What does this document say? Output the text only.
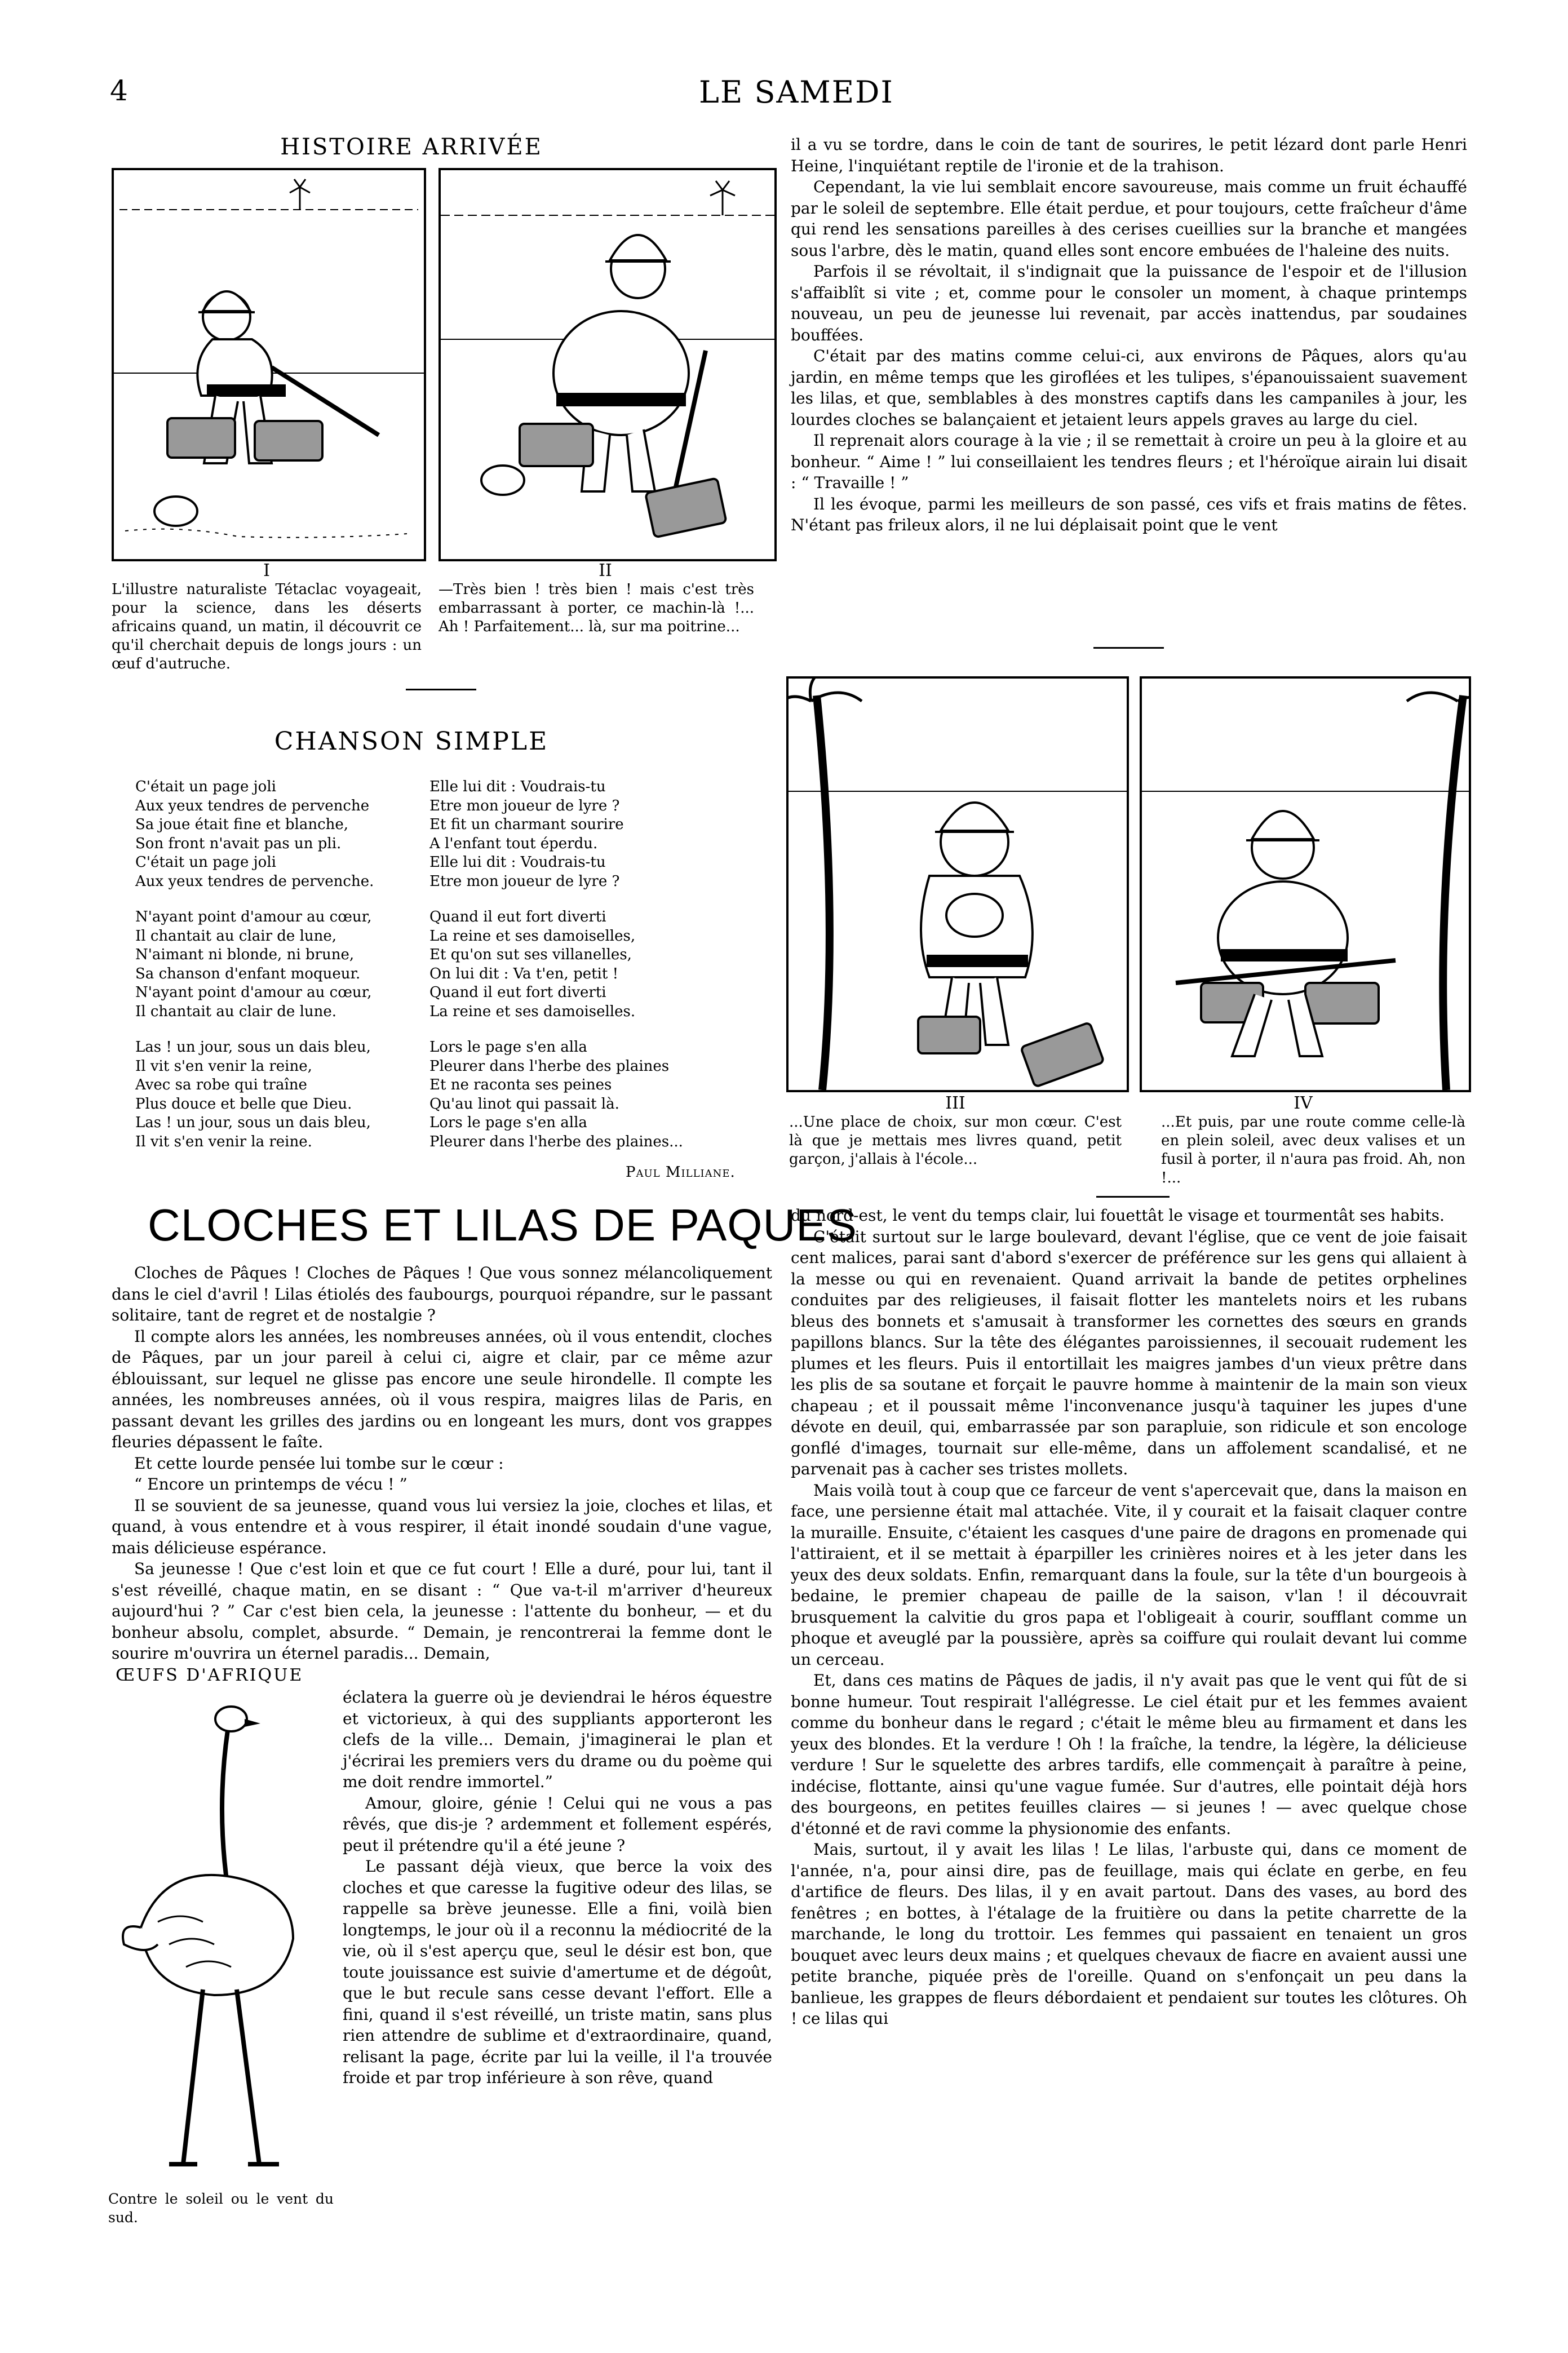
4	LE SAMEDI
HISTOIRE ARRIVÉE
I
L'illustre naturaliste Tétaclac voyageait, pour la science, dans les déserts africains quand, un matin, il découvrit ce qu'il cherchait depuis de longs jours : un œuf d'autruche.
II
—Très bien ! très bien ! mais c'est très embarrassant à porter, ce machin-là !... Ah ! Parfaitement... là, sur ma poitrine...

il a vu se tordre, dans le coin de tant de sourires, le petit lézard dont parle Henri Heine, l'inquiétant reptile de l'ironie et de la trahison.

Cependant, la vie lui semblait encore savoureuse, mais comme un fruit échauffé par le soleil de septembre. Elle était perdue, et pour toujours, cette fraîcheur d'âme qui rend les sensations pareilles à des cerises cueillies sur la branche et mangées sous l'arbre, dès le matin, quand elles sont encore embuées de l'haleine des nuits.

Parfois il se révoltait, il s'indignait que la puissance de l'espoir et de l'illusion s'affaiblît si vite ; et, comme pour le consoler un moment, à chaque printemps nouveau, un peu de jeunesse lui revenait, par accès inattendus, par soudaines bouffées.

C'était par des matins comme celui-ci, aux environs de Pâques, alors qu'au jardin, en même temps que les giroflées et les tulipes, s'épanouissaient suavement les lilas, et que, semblables à des monstres captifs dans les campaniles à jour, les lourdes cloches se balançaient et jetaient leurs appels graves au large du ciel.

Il reprenait alors courage à la vie ; il se remettait à croire un peu à la gloire et au bonheur. “ Aime ! ” lui conseillaient les tendres fleurs ; et l'héroïque airain lui disait : “ Travaille ! ”

Il les évoque, parmi les meilleurs de son passé, ces vifs et frais matins de fêtes. N'étant pas frileux alors, il ne lui déplaisait point que le vent

CHANSON SIMPLE
C'était un page joli
Aux yeux tendres de pervenche
Sa joue était fine et blanche,
Son front n'avait pas un pli.
C'était un page joli
Aux yeux tendres de pervenche.
N'ayant point d'amour au cœur,
Il chantait au clair de lune,
N'aimant ni blonde, ni brune,
Sa chanson d'enfant moqueur.
N'ayant point d'amour au cœur,
Il chantait au clair de lune.
Las ! un jour, sous un dais bleu,
Il vit s'en venir la reine,
Avec sa robe qui traîne
Plus douce et belle que Dieu.
Las ! un jour, sous un dais bleu,
Il vit s'en venir la reine.
Elle lui dit : Voudrais-tu
Etre mon joueur de lyre ?
Et fit un charmant sourire
A l'enfant tout éperdu.
Elle lui dit : Voudrais-tu
Etre mon joueur de lyre ?
Quand il eut fort diverti
La reine et ses damoiselles,
Et qu'on sut ses villanelles,
On lui dit : Va t'en, petit !
Quand il eut fort diverti
La reine et ses damoiselles.
Lors le page s'en alla
Pleurer dans l'herbe des plaines
Et ne raconta ses peines
Qu'au linot qui passait là.
Lors le page s'en alla
Pleurer dans l'herbe des plaines...
Paul Milliane.
III
...Une place de choix, sur mon cœur. C'est là que je mettais mes livres quand, petit garçon, j'allais à l'école...
IV
...Et puis, par une route comme celle-là en plein soleil, avec deux valises et un fusil à porter, il n'aura pas froid. Ah, non !...
CLOCHES ET LILAS DE PAQUES

Cloches de Pâques ! Cloches de Pâques ! Que vous sonnez mélancoliquement dans le ciel d'avril ! Lilas étiolés des faubourgs, pourquoi répandre, sur le passant solitaire, tant de regret et de nostalgie ?

Il compte alors les années, les nombreuses années, où il vous entendit, cloches de Pâques, par un jour pareil à celui ci, aigre et clair, par ce même azur éblouissant, sur lequel ne glisse pas encore une seule hirondelle. Il compte les années, les nombreuses années, où il vous respira, maigres lilas de Paris, en passant devant les grilles des jardins ou en longeant les murs, dont vos grappes fleuries dépassent le faîte.

Et cette lourde pensée lui tombe sur le cœur :

“ Encore un printemps de vécu ! ”

Il se souvient de sa jeunesse, quand vous lui versiez la joie, cloches et lilas, et quand, à vous entendre et à vous respirer, il était inondé soudain d'une vague, mais délicieuse espérance.

Sa jeunesse ! Que c'est loin et que ce fut court ! Elle a duré, pour lui, tant il s'est réveillé, chaque matin, en se disant : “ Que va-t-il m'arriver d'heureux aujourd'hui ? ” Car c'est bien cela, la jeunesse : l'attente du bonheur, — et du bonheur absolu, complet, absurde. “ Demain, je rencontrerai la femme dont le sourire m'ouvrira un éternel paradis... Demain,

ŒUFS D'AFRIQUE
Contre le soleil ou le vent du sud.

éclatera la guerre où je deviendrai le héros équestre et victorieux, à qui des suppliants apporteront les clefs de la ville... Demain, j'imaginerai le plan et j'écrirai les premiers vers du drame ou du poème qui me doit rendre immortel.”

Amour, gloire, génie ! Celui qui ne vous a pas rêvés, que dis-je ? ardemment et follement espérés, peut il prétendre qu'il a été jeune ?

Le passant déjà vieux, que berce la voix des cloches et que caresse la fugitive odeur des lilas, se rappelle sa brève jeunesse. Elle a fini, voilà bien longtemps, le jour où il a reconnu la médiocrité de la vie, où il s'est aperçu que, seul le désir est bon, que toute jouissance est suivie d'amertume et de dégoût, que le but recule sans cesse devant l'effort. Elle a fini, quand il s'est réveillé, un triste matin, sans plus rien attendre de sublime et d'extraordinaire, quand, relisant la page, écrite par lui la veille, il l'a trouvée froide et par trop inférieure à son rêve, quand

du nord-est, le vent du temps clair, lui fouettât le visage et tourmentât ses habits.

C'était surtout sur le large boulevard, devant l'église, que ce vent de joie faisait cent malices, parai sant d'abord s'exercer de préférence sur les gens qui allaient à la messe ou qui en revenaient. Quand arrivait la bande de petites orphelines conduites par des religieuses, il faisait flotter les mantelets noirs et les rubans bleus des bonnets et s'amusait à transformer les cornettes des sœurs en grands papillons blancs. Sur la tête des élégantes paroissiennes, il secouait rudement les plumes et les fleurs. Puis il entortillait les maigres jambes d'un vieux prêtre dans les plis de sa soutane et forçait le pauvre homme à maintenir de la main son vieux chapeau ; et il poussait même l'inconvenance jusqu'à taquiner les jupes d'une dévote en deuil, qui, embarrassée par son parapluie, son ridicule et son encologe gonflé d'images, tournait sur elle-même, dans un affolement scandalisé, et ne parvenait pas à cacher ses tristes mollets.

Mais voilà tout à coup que ce farceur de vent s'apercevait que, dans la maison en face, une persienne était mal attachée. Vite, il y courait et la faisait claquer contre la muraille. Ensuite, c'étaient les casques d'une paire de dragons en promenade qui l'attiraient, et il se mettait à éparpiller les crinières noires et à les jeter dans les yeux des deux soldats. Enfin, remarquant dans la foule, sur la tête d'un bourgeois à bedaine, le premier chapeau de paille de la saison, v'lan ! il découvrait brusquement la calvitie du gros papa et l'obligeait à courir, soufflant comme un phoque et aveuglé par la poussière, après sa coiffure qui roulait devant lui comme un cerceau.

Et, dans ces matins de Pâques de jadis, il n'y avait pas que le vent qui fût de si bonne humeur. Tout respirait l'allégresse. Le ciel était pur et les femmes avaient comme du bonheur dans le regard ; c'était le même bleu au firmament et dans les yeux des blondes. Et la verdure ! Oh ! la fraîche, la tendre, la légère, la délicieuse verdure ! Sur le squelette des arbres tardifs, elle commençait à paraître à peine, indécise, flottante, ainsi qu'une vague fumée. Sur d'autres, elle pointait déjà hors des bourgeons, en petites feuilles claires — si jeunes ! — avec quelque chose d'étonné et de ravi comme la physionomie des enfants.

Mais, surtout, il y avait les lilas ! Le lilas, l'arbuste qui, dans ce moment de l'année, n'a, pour ainsi dire, pas de feuillage, mais qui éclate en gerbe, en feu d'artifice de fleurs. Des lilas, il y en avait partout. Dans des vases, au bord des fenêtres ; en bottes, à l'étalage de la fruitière ou dans la petite charrette de la marchande, le long du trottoir. Les femmes qui passaient en tenaient un gros bouquet avec leurs deux mains ; et quelques chevaux de fiacre en avaient aussi une petite branche, piquée près de l'oreille. Quand on s'enfonçait un peu dans la banlieue, les grappes de fleurs débordaient et pendaient sur toutes les clôtures. Oh ! ce lilas qui
